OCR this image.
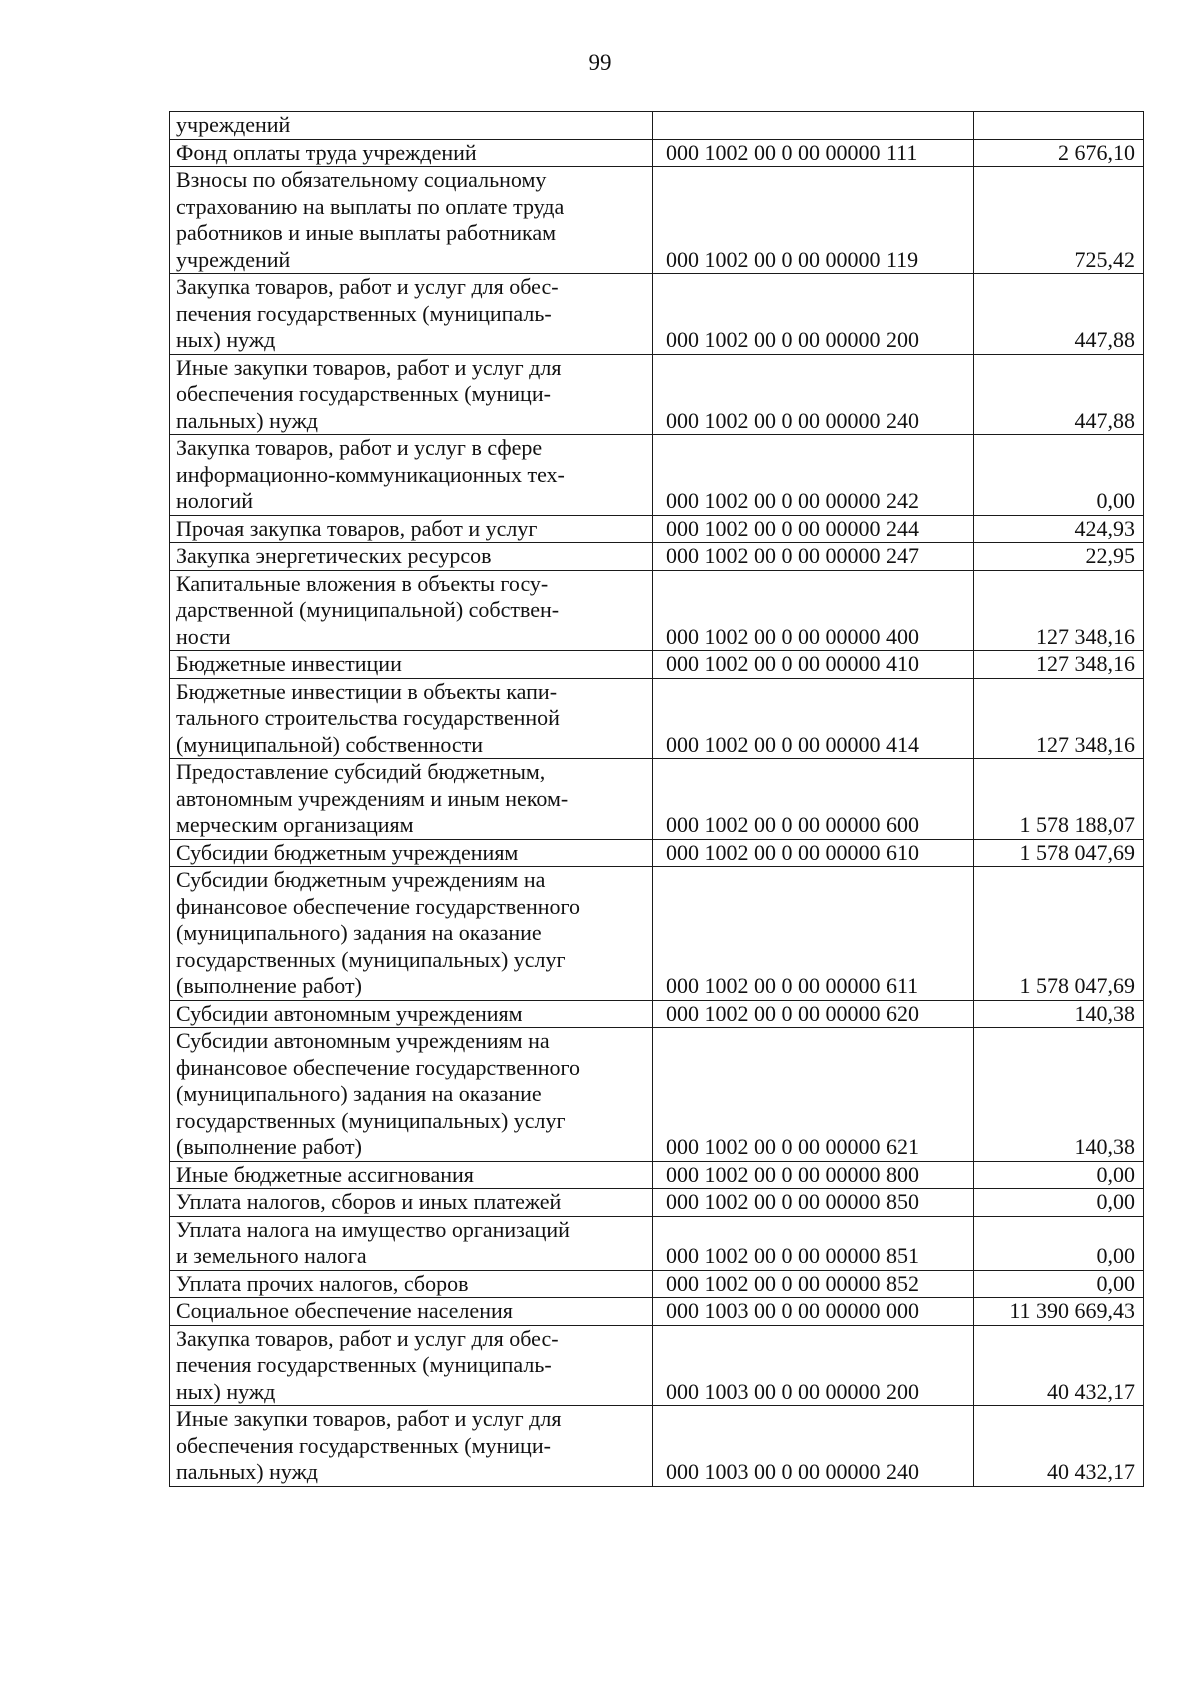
99
учреждений		
Фонд оплаты труда учреждений	000 1002 00 0 00 00000 111	2 676,10
Взносы по обязательному социальному
страхованию на выплаты по оплате труда
работников и иные выплаты работникам
учреждений	000 1002 00 0 00 00000 119	725,42
Закупка товаров, работ и услуг для обес-
печения государственных (муниципаль-
ных) нужд	000 1002 00 0 00 00000 200	447,88
Иные закупки товаров, работ и услуг для
обеспечения государственных (муници-
пальных) нужд	000 1002 00 0 00 00000 240	447,88
Закупка товаров, работ и услуг в сфере
информационно-коммуникационных тех-
нологий	000 1002 00 0 00 00000 242	0,00
Прочая закупка товаров, работ и услуг	000 1002 00 0 00 00000 244	424,93
Закупка энергетических ресурсов	000 1002 00 0 00 00000 247	22,95
Капитальные вложения в объекты госу-
дарственной (муниципальной) собствен-
ности	000 1002 00 0 00 00000 400	127 348,16
Бюджетные инвестиции	000 1002 00 0 00 00000 410	127 348,16
Бюджетные инвестиции в объекты капи-
тального строительства государственной
(муниципальной) собственности	000 1002 00 0 00 00000 414	127 348,16
Предоставление субсидий бюджетным,
автономным учреждениям и иным неком-
мерческим организациям	000 1002 00 0 00 00000 600	1 578 188,07
Субсидии бюджетным учреждениям	000 1002 00 0 00 00000 610	1 578 047,69
Субсидии бюджетным учреждениям на
финансовое обеспечение государственного
(муниципального) задания на оказание
государственных (муниципальных) услуг
(выполнение работ)	000 1002 00 0 00 00000 611	1 578 047,69
Субсидии автономным учреждениям	000 1002 00 0 00 00000 620	140,38
Субсидии автономным учреждениям на
финансовое обеспечение государственного
(муниципального) задания на оказание
государственных (муниципальных) услуг
(выполнение работ)	000 1002 00 0 00 00000 621	140,38
Иные бюджетные ассигнования	000 1002 00 0 00 00000 800	0,00
Уплата налогов, сборов и иных платежей	000 1002 00 0 00 00000 850	0,00
Уплата налога на имущество организаций
и земельного налога	000 1002 00 0 00 00000 851	0,00
Уплата прочих налогов, сборов	000 1002 00 0 00 00000 852	0,00
Социальное обеспечение населения	000 1003 00 0 00 00000 000	11 390 669,43
Закупка товаров, работ и услуг для обес-
печения государственных (муниципаль-
ных) нужд	000 1003 00 0 00 00000 200	40 432,17
Иные закупки товаров, работ и услуг для
обеспечения государственных (муници-
пальных) нужд	000 1003 00 0 00 00000 240	40 432,17
